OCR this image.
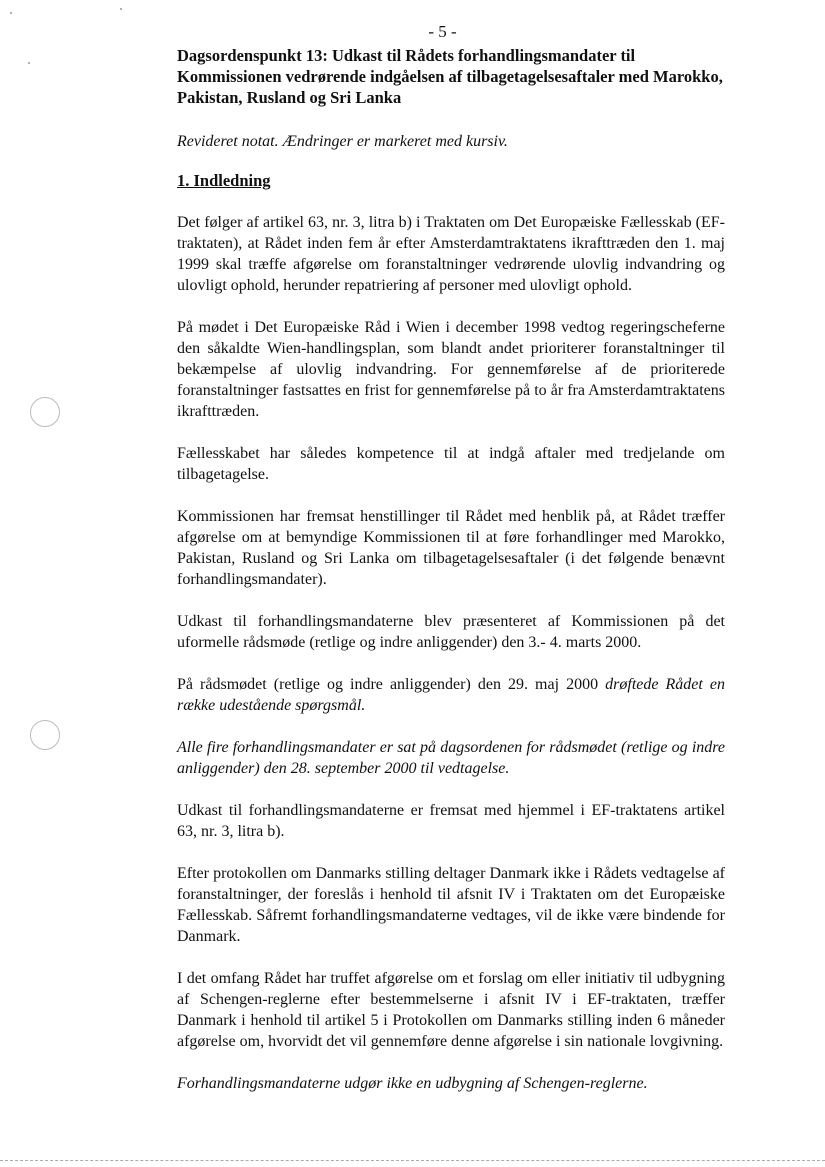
- 5 -
Dagsordenspunkt 13: Udkast til Rådets forhandlingsmandater til Kommissionen vedrørende indgåelsen af tilbagetagelsesaftaler med Marokko, Pakistan, Rusland og Sri Lanka
Revideret notat. Ændringer er markeret med kursiv.
1. Indledning

Det følger af artikel 63, nr. 3, litra b) i Traktaten om Det Europæiske Fællesskab (EF-traktaten), at Rådet inden fem år efter Amsterdamtraktatens ikrafttræden den 1. maj 1999 skal træffe afgørelse om foranstaltninger vedrørende ulovlig indvandring og ulovligt ophold, herunder repatriering af personer med ulovligt ophold.

På mødet i Det Europæiske Råd i Wien i december 1998 vedtog regeringscheferne den såkaldte Wien-handlingsplan, som blandt andet prioriterer foranstaltninger til bekæmpelse af ulovlig indvandring. For gennemførelse af de prioriterede foranstaltninger fastsattes en frist for gennemførelse på to år fra Amsterdamtraktatens ikrafttræden.

Fællesskabet har således kompetence til at indgå aftaler med tredjelande om tilbagetagelse.

Kommissionen har fremsat henstillinger til Rådet med henblik på, at Rådet træffer afgørelse om at bemyndige Kommissionen til at føre forhandlinger med Marokko, Pakistan, Rusland og Sri Lanka om tilbagetagelsesaftaler (i det følgende benævnt forhandlingsmandater).

Udkast til forhandlingsmandaterne blev præsenteret af Kommissionen på det uformelle rådsmøde (retlige og indre anliggender) den 3.- 4. marts 2000.

På rådsmødet (retlige og indre anliggender) den 29. maj 2000 drøftede Rådet en række udestående spørgsmål.

Alle fire forhandlingsmandater er sat på dagsordenen for rådsmødet (retlige og indre anliggender) den 28. september 2000 til vedtagelse.

Udkast til forhandlingsmandaterne er fremsat med hjemmel i EF-traktatens artikel 63, nr. 3, litra b).

Efter protokollen om Danmarks stilling deltager Danmark ikke i Rådets vedtagelse af foranstaltninger, der foreslås i henhold til afsnit IV i Traktaten om det Europæiske Fællesskab. Såfremt forhandlingsmandaterne vedtages, vil de ikke være bindende for Danmark.

I det omfang Rådet har truffet afgørelse om et forslag om eller initiativ til udbygning af Schengen-reglerne efter bestemmelserne i afsnit IV i EF-traktaten, træffer Danmark i henhold til artikel 5 i Protokollen om Danmarks stilling inden 6 måneder afgørelse om, hvorvidt det vil gennemføre denne afgørelse i sin nationale lovgivning.

Forhandlingsmandaterne udgør ikke en udbygning af Schengen-reglerne.
